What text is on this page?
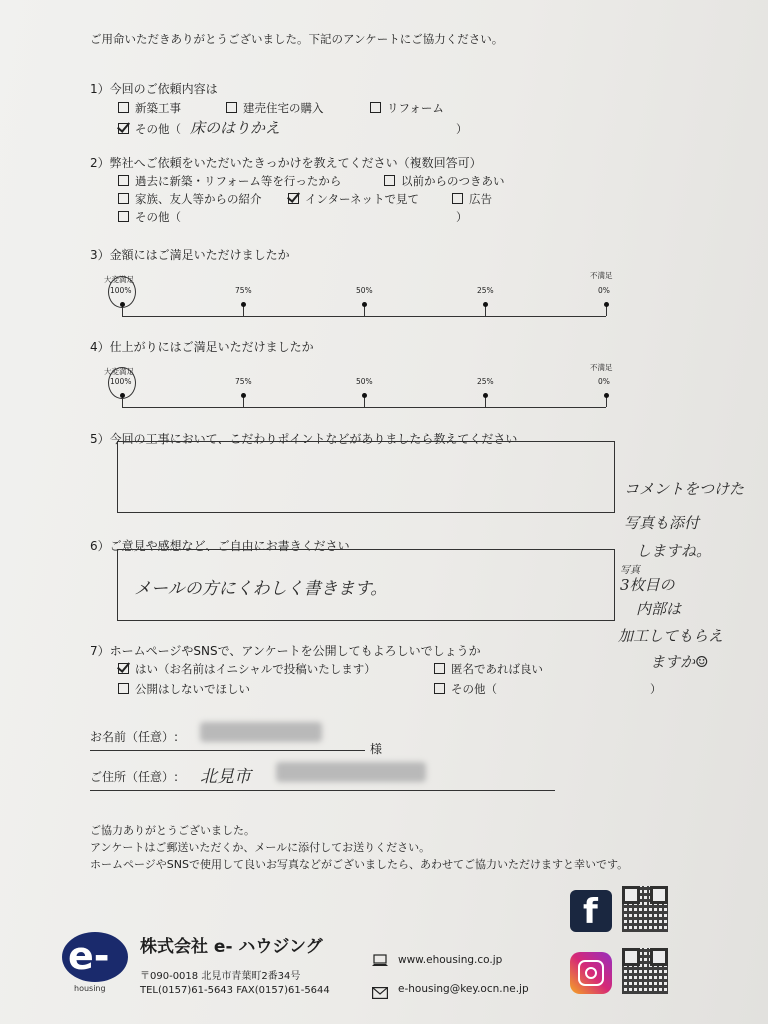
ご用命いただきありがとうございました。下記のアンケートにご協力ください。
1）今回のご依頼内容は
新築工事	建売住宅の購入	リフォーム
その他（ 床のはりかえ	）
2）弊社へご依頼をいただいたきっかけを教えてください（複数回答可）
過去に新築・リフォーム等を行ったから	以前からのつきあい
家族、友人等からの紹介	インターネットで見て	広告
その他（	）
3）金額にはご満足いただけましたか
大変満足	不満足
100%	75%	50%	25%	0%
4）仕上がりにはご満足いただけましたか
大変満足	不満足
100%	75%	50%	25%	0%
5）今回の工事において、こだわりポイントなどがありましたら教えてください
6）ご意見や感想など、ご自由にお書きください
メールの方にくわしく書きます。
コメントをつけた
写真も添付
しますね。
写真
3枚目の
内部は
加工してもらえ
ますか☺
7）ホームページやSNSで、アンケートを公開してもよろしいでしょうか
はい（お名前はイニシャルで投稿いたします）	匿名であれば良い
公開はしないでほしい	その他（	）
お名前（任意）:
様
ご住所（任意）: 北見市
ご協力ありがとうございました。
アンケートはご郵送いただくか、メールに添付してお送りください。
ホームページやSNSで使用して良いお写真などがございましたら、あわせてご協力いただけますと幸いです。
e-
housing
株式会社 e- ハウジング
〒090-0018 北見市青葉町2番34号
TEL(0157)61-5643 FAX(0157)61-5644
www.ehousing.co.jp
e-housing@key.ocn.ne.jp
f
